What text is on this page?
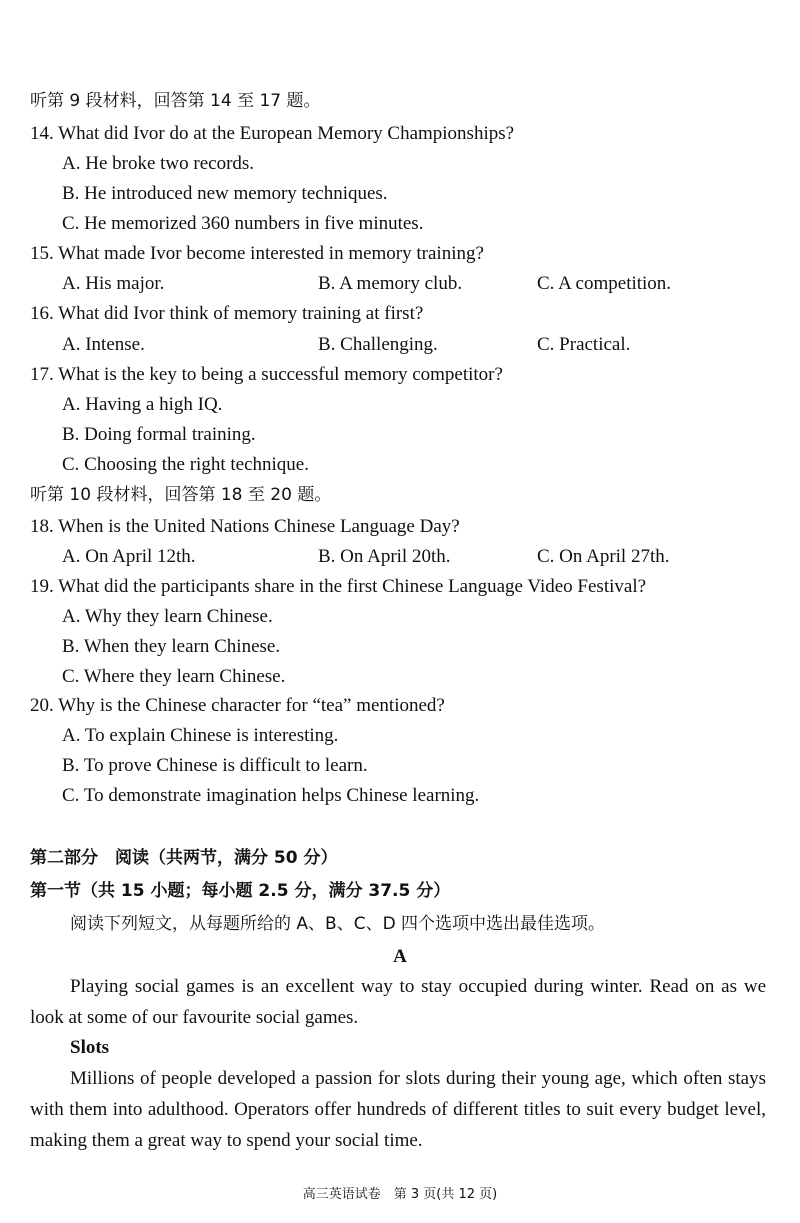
听第 9 段材料，回答第 14 至 17 题。
14. What did Ivor do at the European Memory Championships?
A. He broke two records.
B. He introduced new memory techniques.
C. He memorized 360 numbers in five minutes.
15. What made Ivor become interested in memory training?
A. His major.	B. A memory club.	C. A competition.
16. What did Ivor think of memory training at first?
A. Intense.	B. Challenging.	C. Practical.
17. What is the key to being a successful memory competitor?
A. Having a high IQ.
B. Doing formal training.
C. Choosing the right technique.
听第 10 段材料，回答第 18 至 20 题。
18. When is the United Nations Chinese Language Day?
A. On April 12th.	B. On April 20th.	C. On April 27th.
19. What did the participants share in the first Chinese Language Video Festival?
A. Why they learn Chinese.
B. When they learn Chinese.
C. Where they learn Chinese.
20. Why is the Chinese character for “tea” mentioned?
A. To explain Chinese is interesting.
B. To prove Chinese is difficult to learn.
C. To demonstrate imagination helps Chinese learning.
第二部分　阅读（共两节，满分 50 分）
第一节（共 15 小题；每小题 2.5 分，满分 37.5 分）
阅读下列短文，从每题所给的 A、B、C、D 四个选项中选出最佳选项。
A
Playing social games is an excellent way to stay occupied during winter. Read on as we look at some of our favourite social games.
Slots
Millions of people developed a passion for slots during their young age, which often stays with them into adulthood. Operators offer hundreds of different titles to suit every budget level, making them a great way to spend your social time.
高三英语试卷　第 3 页(共 12 页)
